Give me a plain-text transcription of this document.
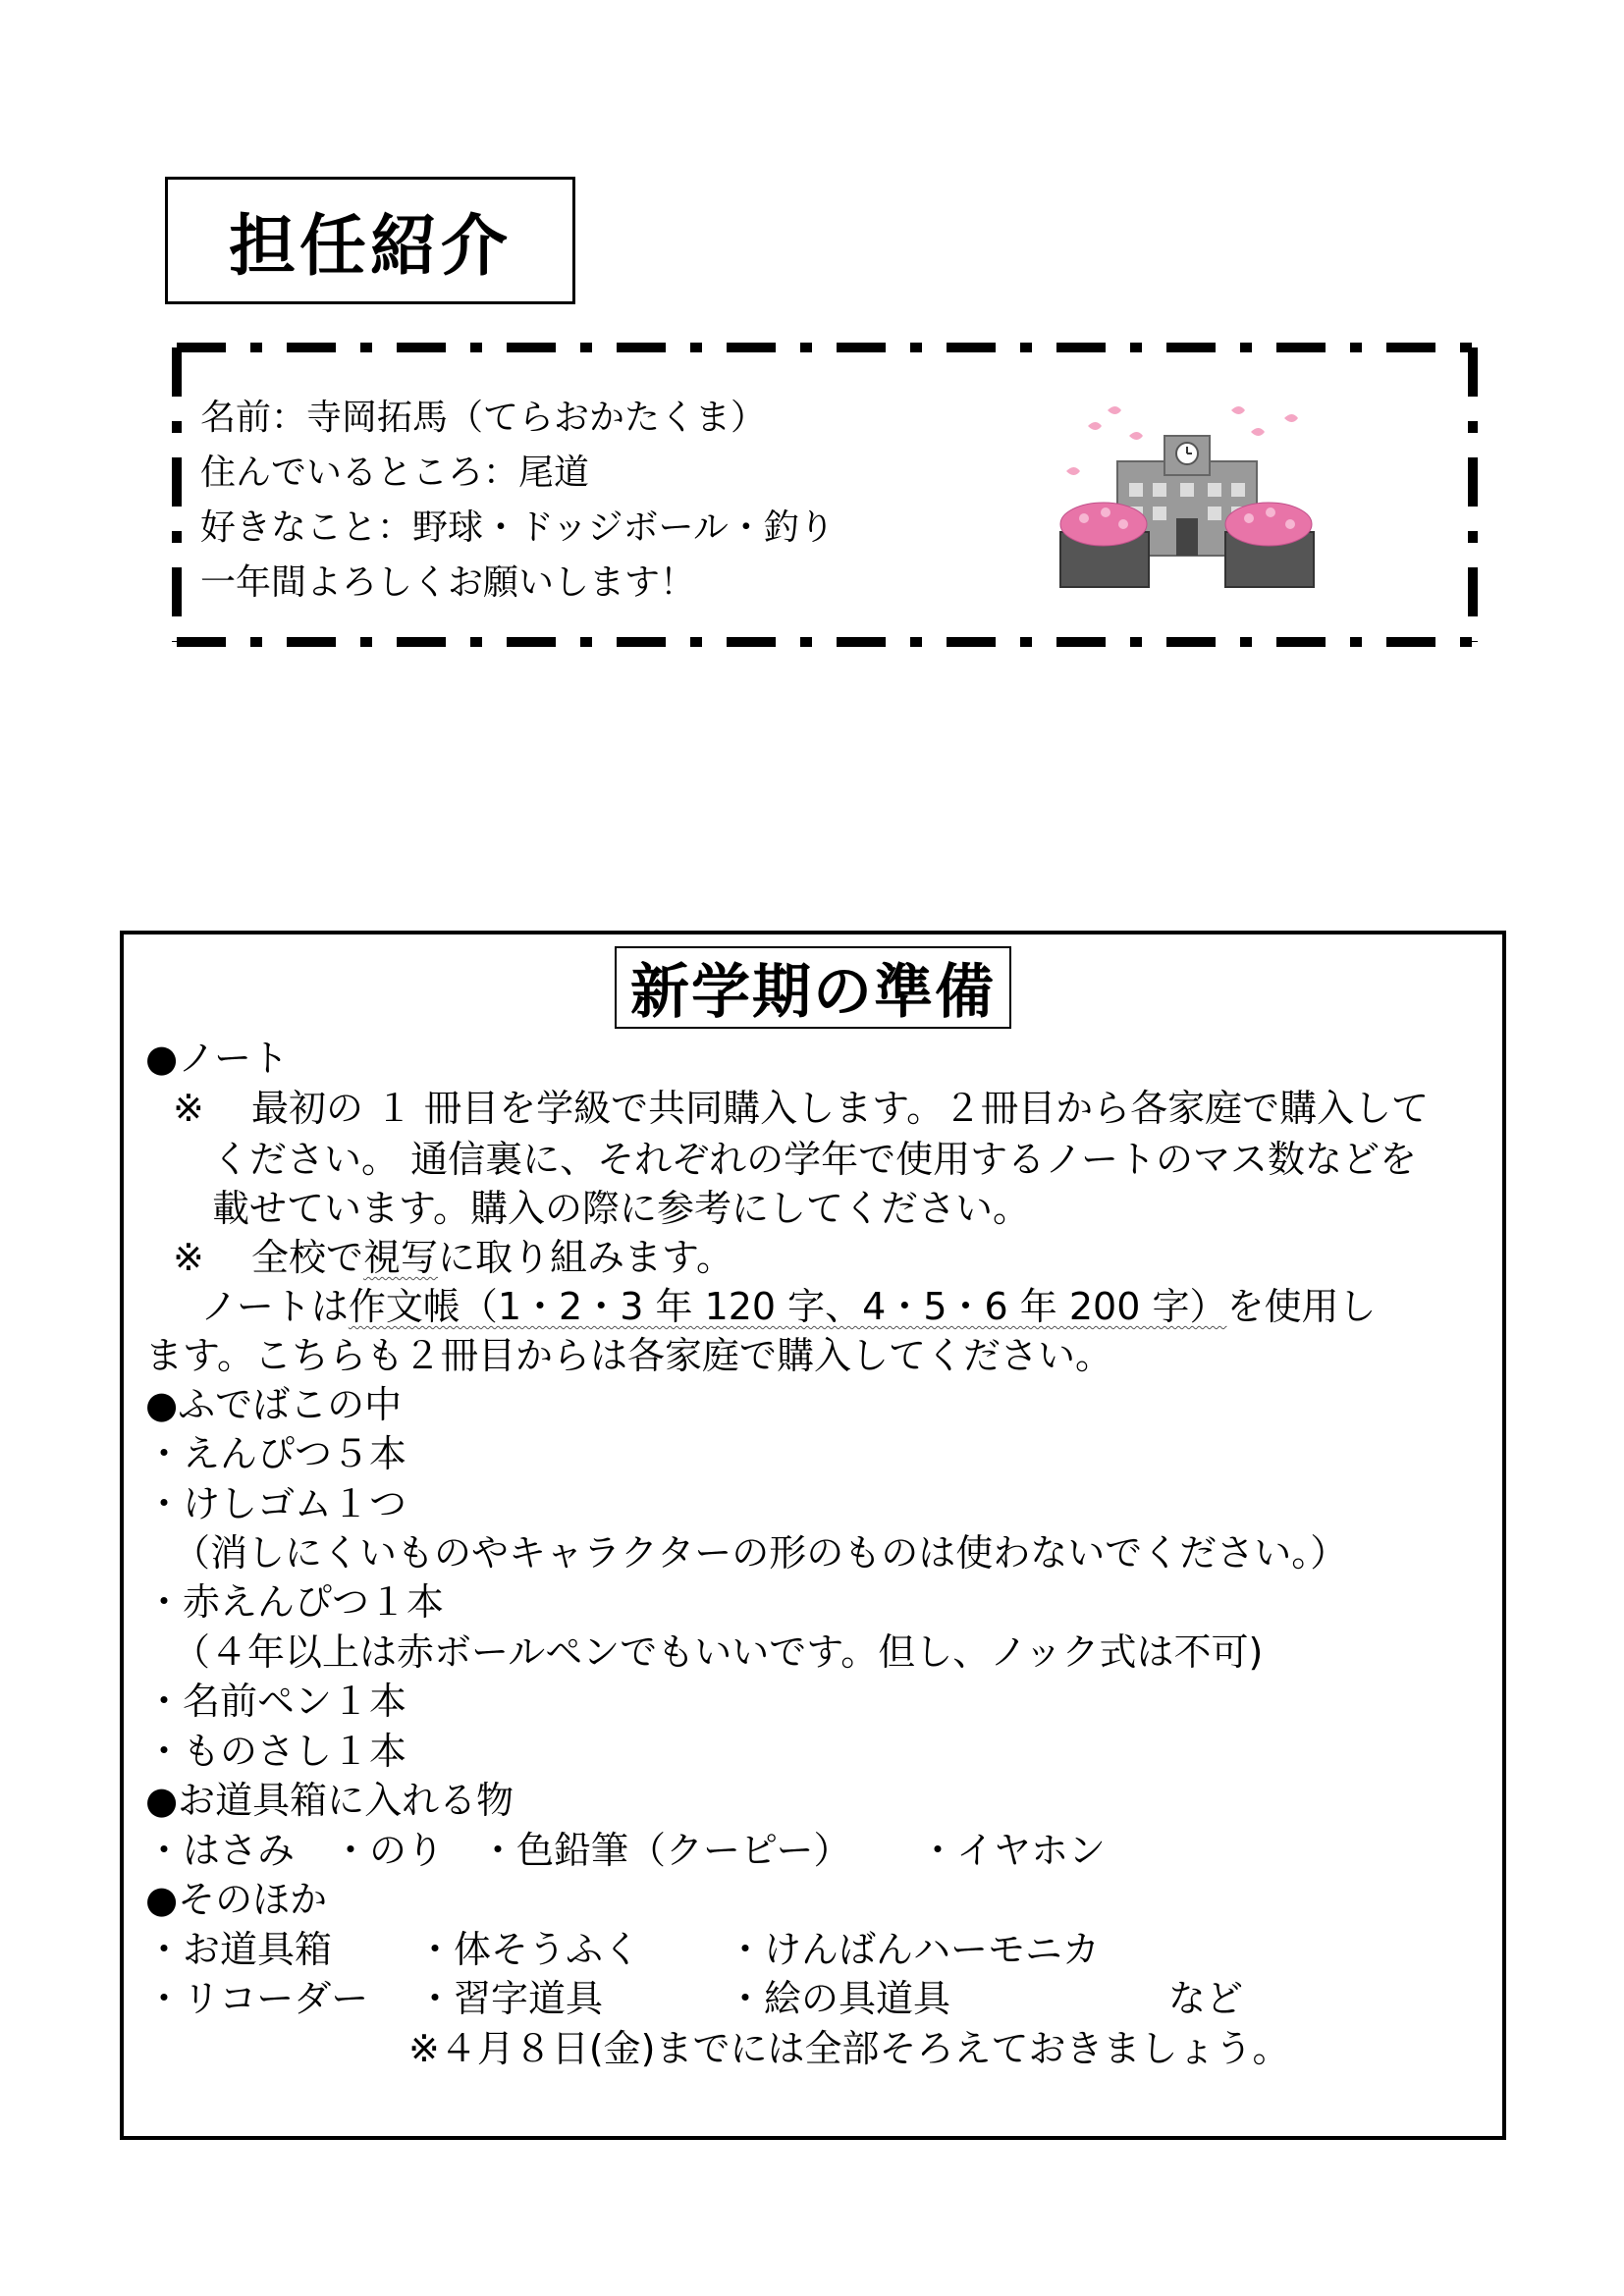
担任紹介
名前：寺岡拓馬（てらおかたくま）
住んでいるところ：尾道
好きなこと：野球・ドッジボール・釣り
一年間よろしくお願いします！
新学期の準備
●ノート
※ 最初の １ 冊目を学級で共同購入します。２冊目から各家庭で購入して
ください。 通信裏に、それぞれの学年で使用するノートのマス数などを
載せています。購入の際に参考にしてください。
※ 全校で視写に取り組みます。
ノートは作文帳（1・2・3 年 120 字、4・5・6 年 200 字）を使用し
ます。こちらも２冊目からは各家庭で購入してください。
●ふでばこの中
・えんぴつ５本
・けしゴム１つ
（消しにくいものやキャラクターの形のものは使わないでください。）
・赤えんぴつ１本
（４年以上は赤ボールペンでもいいです。但し、ノック式は不可)
・名前ペン１本
・ものさし１本
●お道具箱に入れる物
・はさみ ・のり ・色鉛筆（クーピー） ・イヤホン
●そのほか
・お道具箱 ・体そうふく ・けんばんハーモニカ
・リコーダー ・習字道具	・絵の具道具	など
※４月８日(金)までには全部そろえておきましょう。
